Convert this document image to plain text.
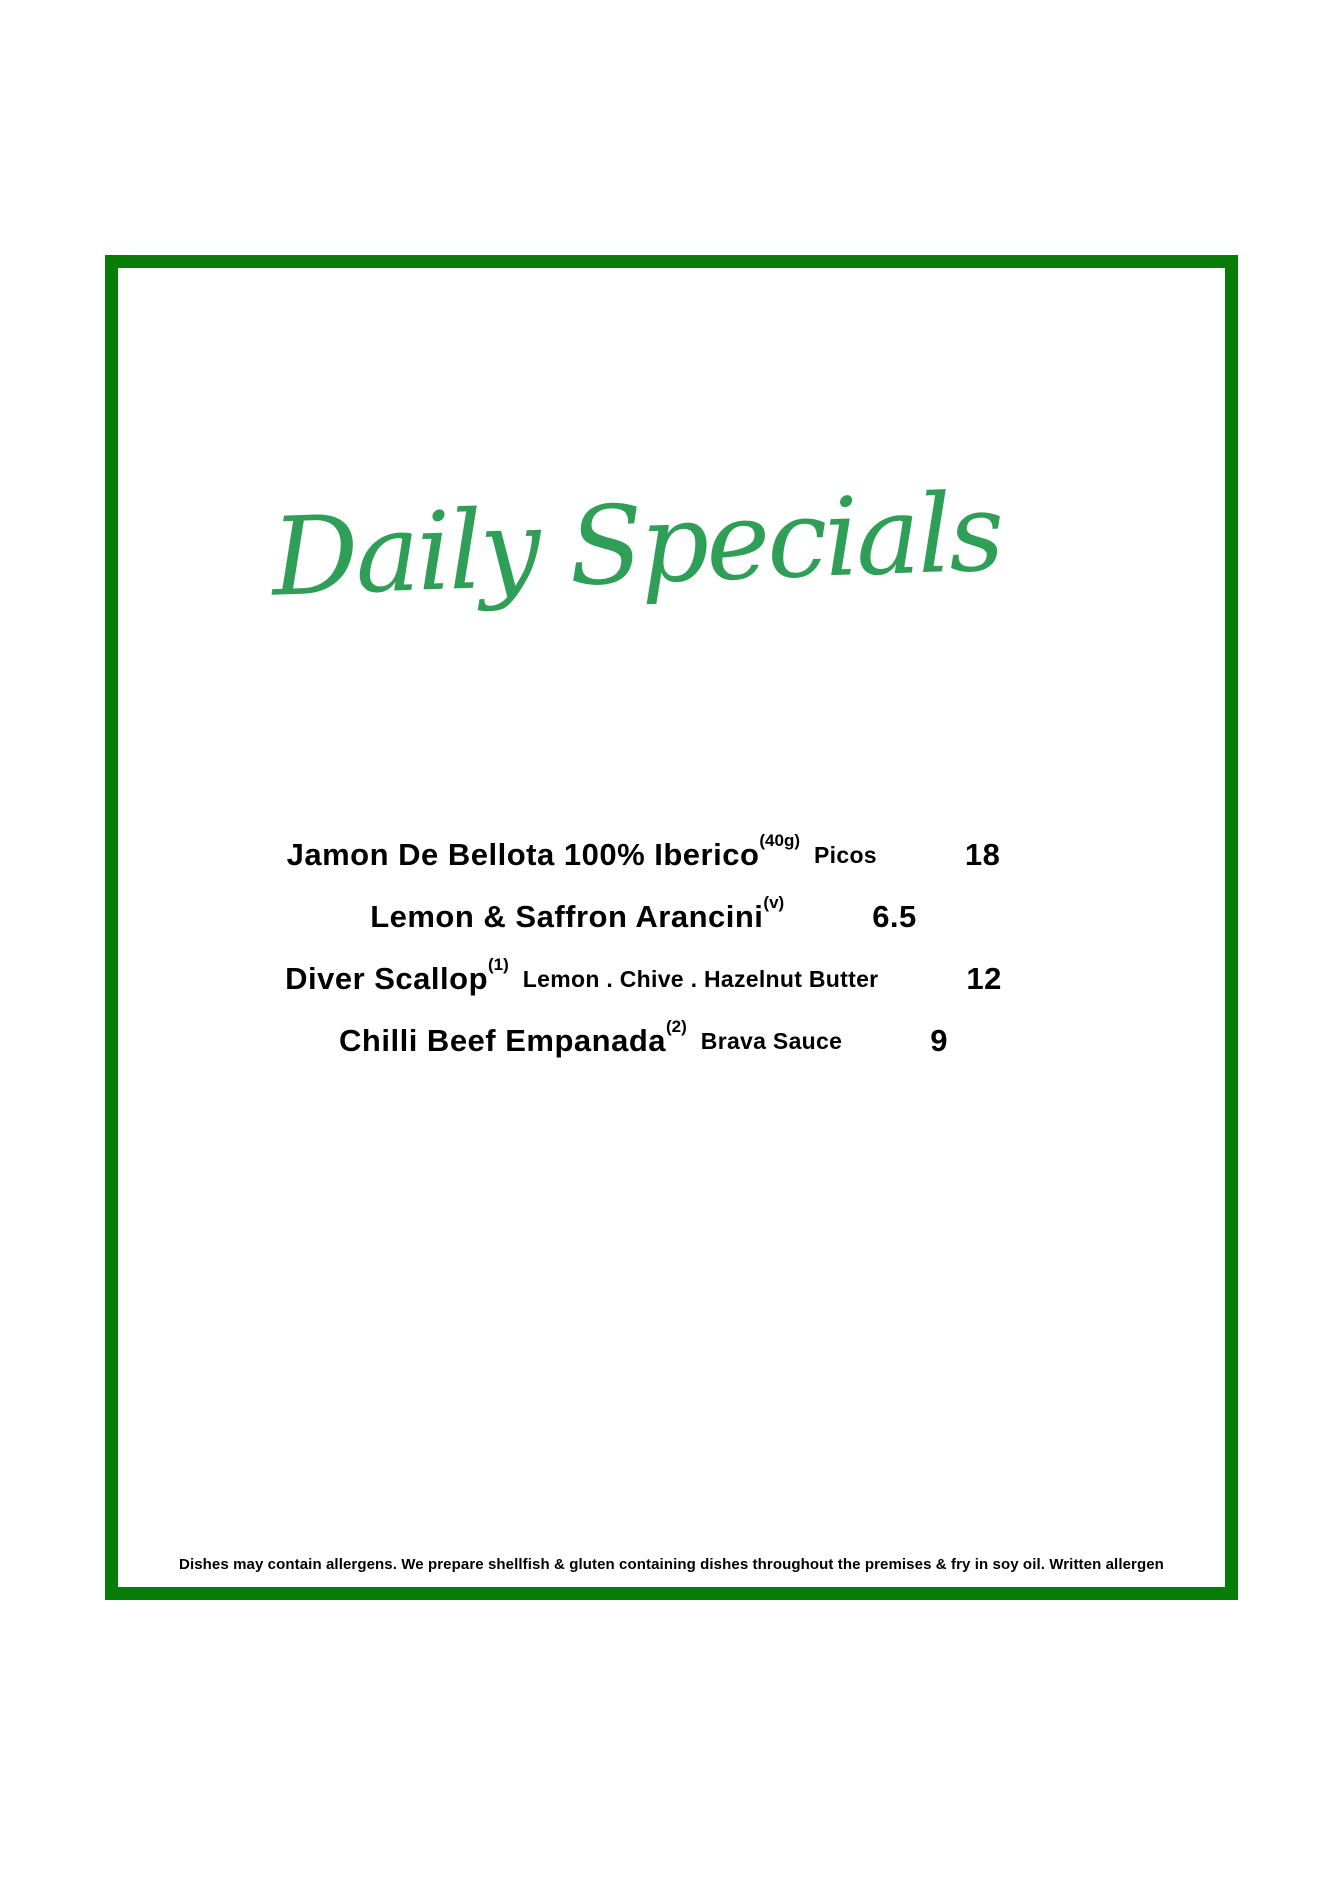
Daily Specials
Jamon De Bellota 100% Iberico (40g)
Picos	18
Lemon & Saffron Arancini (v)	6.5
Diver Scallop (1)
Lemon . Chive . Hazelnut Butter	12
Chilli Beef Empanada (2)
Brava Sauce	9
Dishes may contain allergens. We prepare shellfish & gluten containing dishes throughout the premises & fry in soy oil. Written allergen
